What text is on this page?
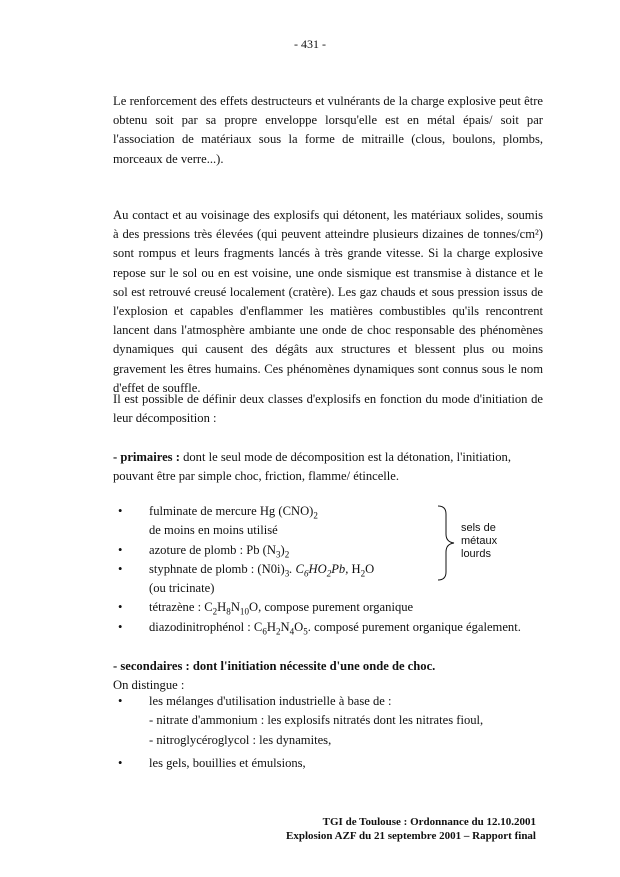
- 431 -

Le renforcement des effets destructeurs et vulnérants de la charge explosive peut être obtenu soit par sa propre enveloppe lorsqu'elle est en métal épais/ soit par l'association de matériaux sous la forme de mitraille (clous, boulons, plombs, morceaux de verre...).

Au contact et au voisinage des explosifs qui détonent, les matériaux solides, soumis à des pressions très élevées (qui peuvent atteindre plusieurs dizaines de tonnes/cm²) sont rompus et leurs fragments lancés à très grande vitesse. Si la charge explosive repose sur le sol ou en est voisine, une onde sismique est transmise à distance et le sol est retrouvé creusé localement (cratère). Les gaz chauds et sous pression issus de l'explosion et capables d'enflammer les matières combustibles qu'ils rencontrent lancent dans l'atmosphère ambiante une onde de choc responsable des phénomènes dynamiques qui causent des dégâts aux structures et blessent plus ou moins gravement les êtres humains. Ces phénomènes dynamiques sont connus sous le nom d'effet de souffle.

Il est possible de définir deux classes d'explosifs en fonction du mode d'initiation de leur décomposition :

- primaires : dont le seul mode de décomposition est la détonation, l'initiation, pouvant être par simple choc, friction, flamme/ étincelle.

• fulminate de mercure Hg $(CNO)_2$
de moins en moins utilisé
• azoture de plomb : Pb $(N_3)_2$
• styphnate de plomb : $(N0i)_3$. $C_6HO_2Pb$, $H_2O$
(ou tricinate)
• tétrazène : $C_2H_8N_{10}O$, compose purement organique
• diazodinitrophénol : $C_6H_2N_4O_5$. composé purement organique également.
sels de
métaux
lourds

- secondaires : dont l'initiation nécessite d'une onde de choc.
On distingue :

• les mélanges d'utilisation industrielle à base de :
- nitrate d'ammonium : les explosifs nitratés dont les nitrates fioul,
- nitroglycéroglycol : les dynamites,
• les gels, bouillies et émulsions,
TGI de Toulouse : Ordonnance du 12.10.2001
Explosion AZF du 21 septembre 2001 – Rapport final
